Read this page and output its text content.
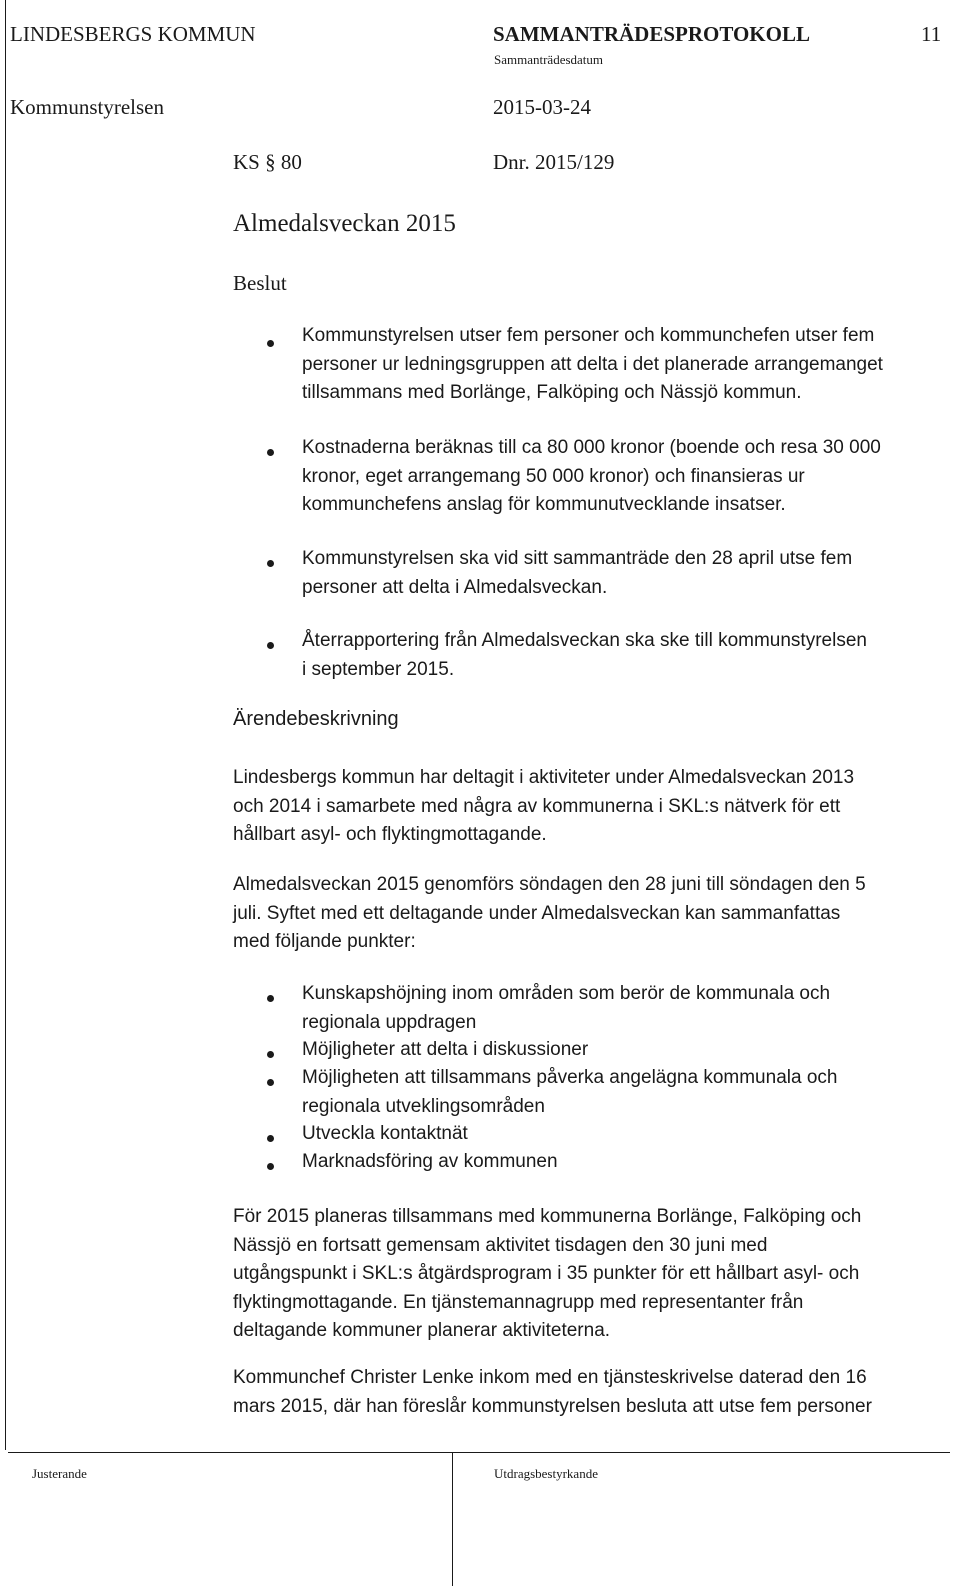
LINDESBERGS KOMMUN	SAMMANTRÄDESPROTOKOLL	11
Sammanträdesdatum
Kommunstyrelsen	2015-03-24
KS § 80	Dnr. 2015/129
Almedalsveckan 2015
Beslut
Kommunstyrelsen utser fem personer och kommunchefen utser fem
personer ur ledningsgruppen att delta i det planerade arrangemanget
tillsammans med Borlänge, Falköping och Nässjö kommun.
Kostnaderna beräknas till ca 80 000 kronor (boende och resa 30 000
kronor, eget arrangemang 50 000 kronor) och finansieras ur
kommunchefens anslag för kommunutvecklande insatser.
Kommunstyrelsen ska vid sitt sammanträde den 28 april utse fem
personer att delta i Almedalsveckan.
Återrapportering från Almedalsveckan ska ske till kommunstyrelsen
i september 2015.
Ärendebeskrivning
Lindesbergs kommun har deltagit i aktiviteter under Almedalsveckan 2013
och 2014 i samarbete med några av kommunerna i SKL:s nätverk för ett
hållbart asyl- och flyktingmottagande.
Almedalsveckan 2015 genomförs söndagen den 28 juni till söndagen den 5
juli. Syftet med ett deltagande under Almedalsveckan kan sammanfattas
med följande punkter:
Kunskapshöjning inom områden som berör de kommunala och
regionala uppdragen
Möjligheter att delta i diskussioner
Möjligheten att tillsammans påverka angelägna kommunala och
regionala utveklingsområden
Utveckla kontaktnät
Marknadsföring av kommunen
För 2015 planeras tillsammans med kommunerna Borlänge, Falköping och
Nässjö en fortsatt gemensam aktivitet tisdagen den 30 juni med
utgångspunkt i SKL:s åtgärdsprogram i 35 punkter för ett hållbart asyl- och
flyktingmottagande. En tjänstemannagrupp med representanter från
deltagande kommuner planerar aktiviteterna.
Kommunchef Christer Lenke inkom med en tjänsteskrivelse daterad den 16
mars 2015, där han föreslår kommunstyrelsen besluta att utse fem personer
Justerande	Utdragsbestyrkande
